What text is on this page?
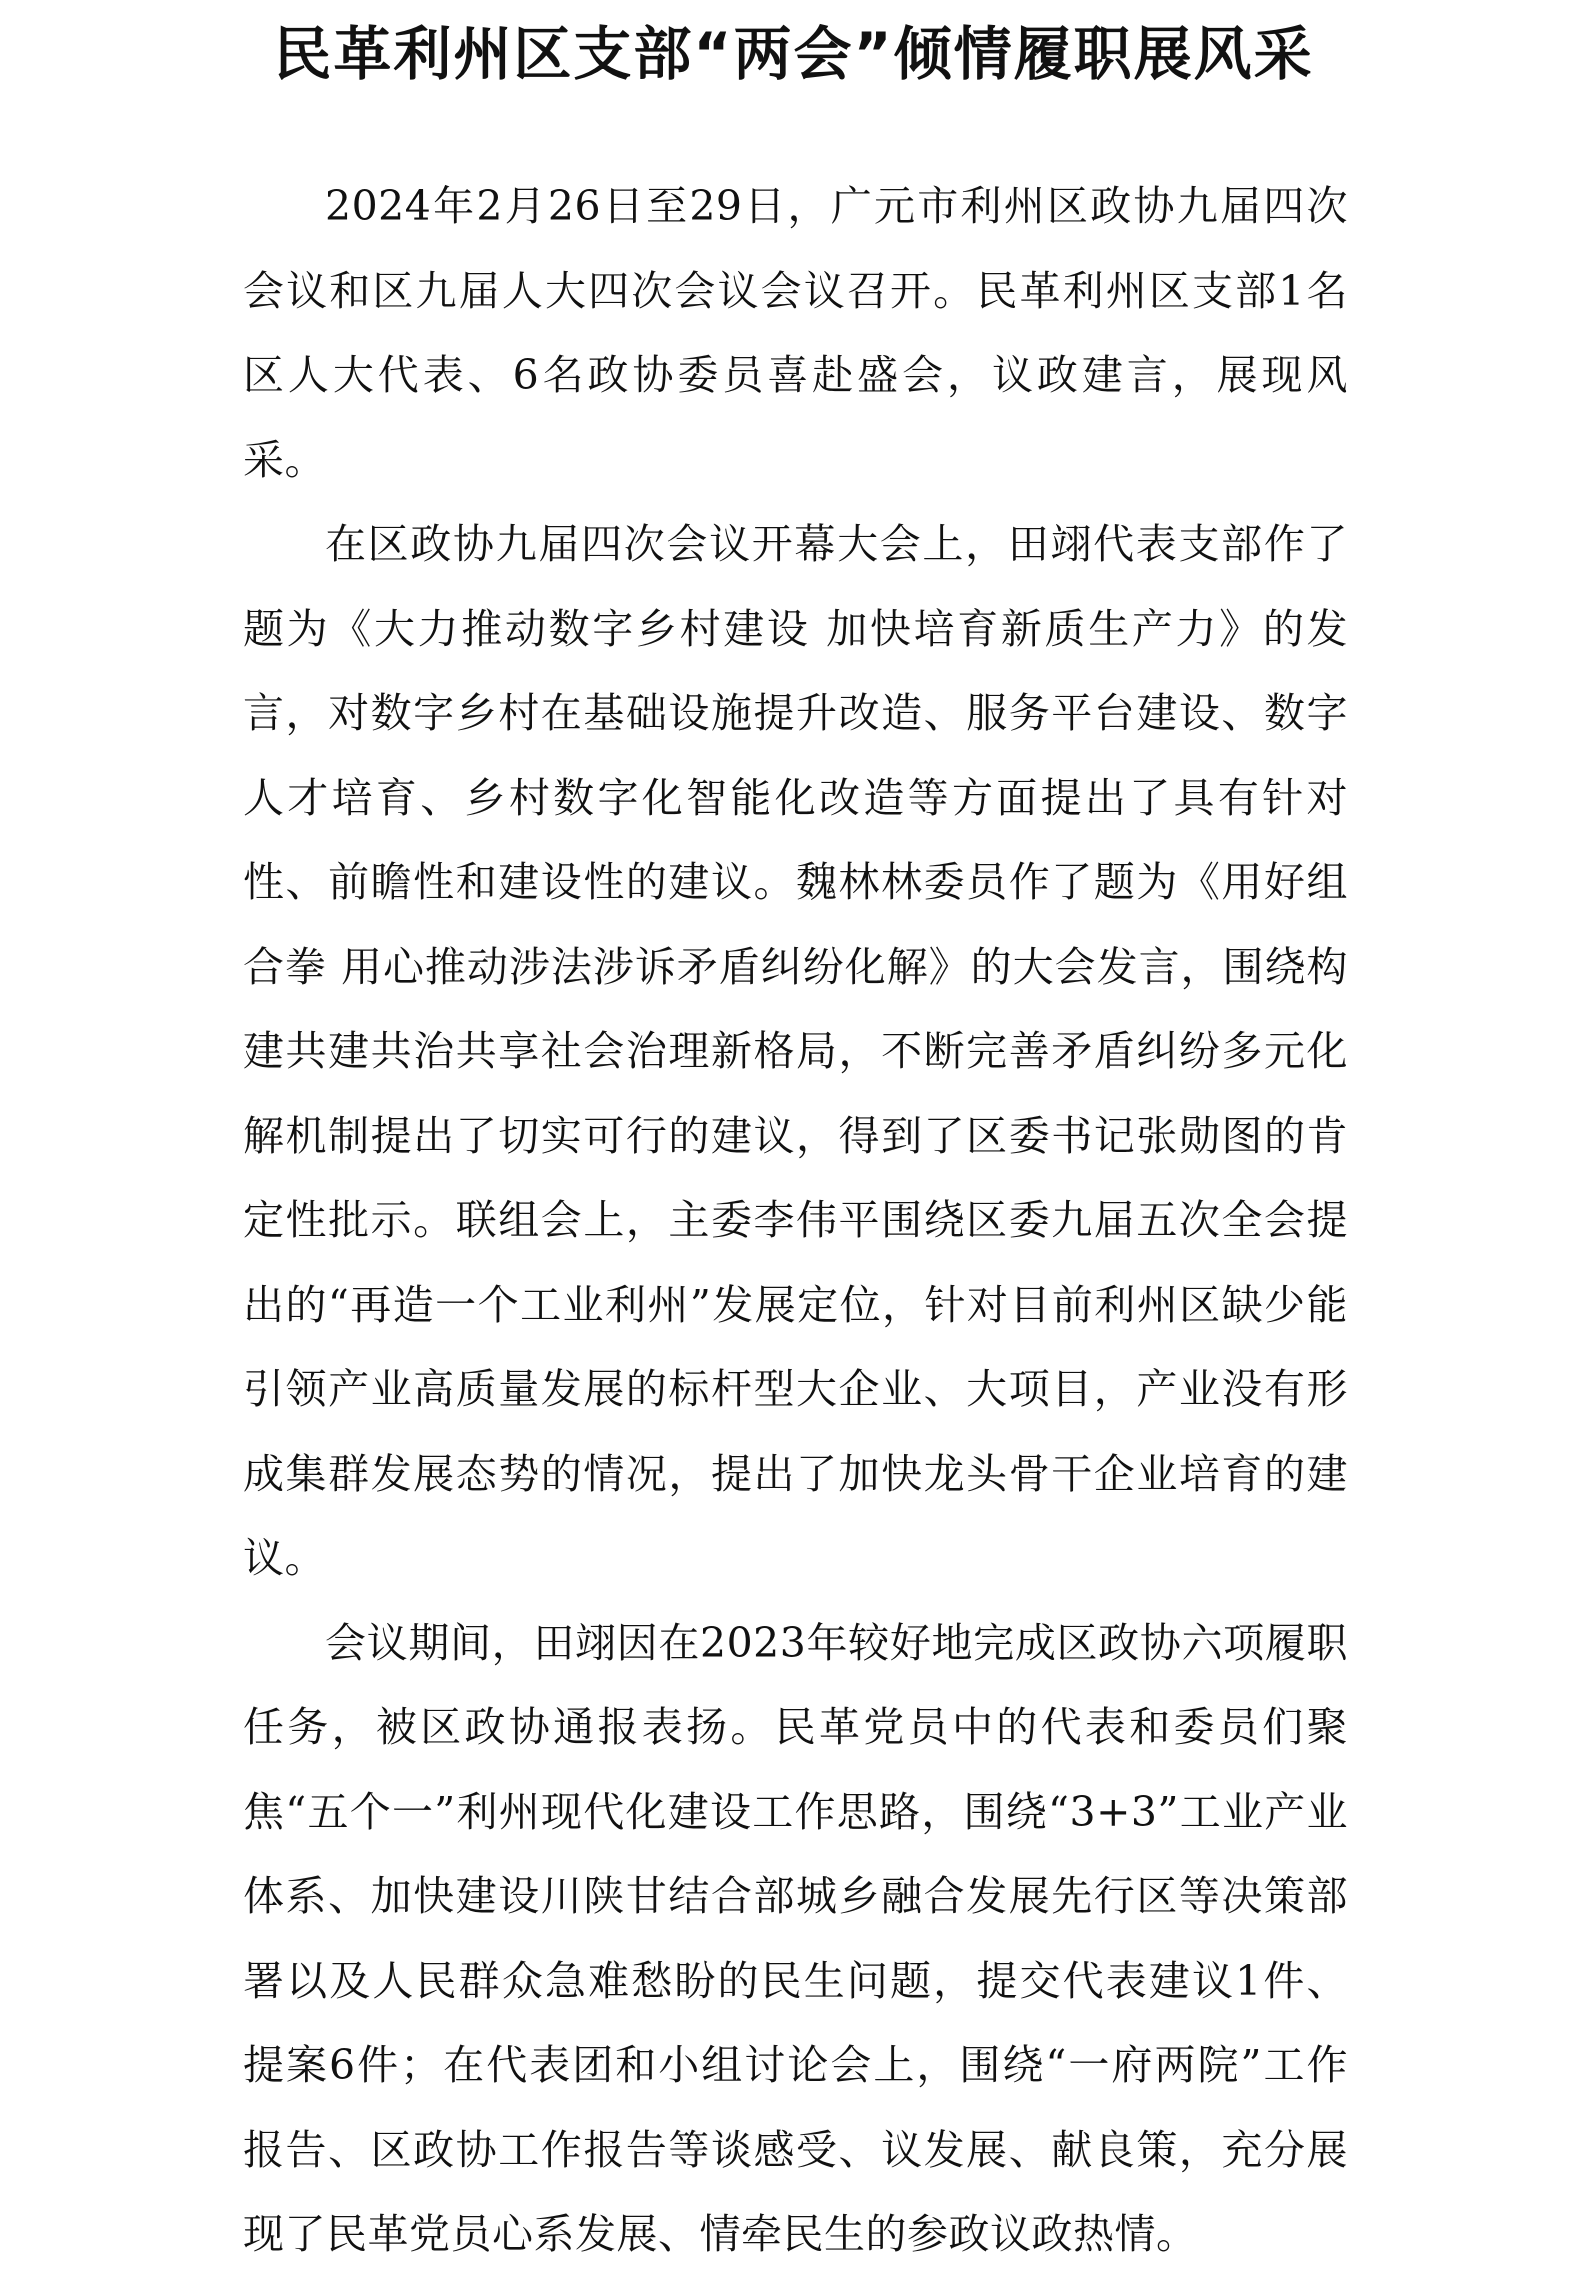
民革利州区支部“两会”倾情履职展风采

2024年2月26日至29日，广元市利州区政协九届四次会议和区九届人大四次会议会议召开。民革利州区支部1名区人大代表、6名政协委员喜赴盛会，议政建言，展现风采。

在区政协九届四次会议开幕大会上，田翊代表支部作了题为《大力推动数字乡村建设 加快培育新质生产力》的发言，对数字乡村在基础设施提升改造、服务平台建设、数字人才培育、乡村数字化智能化改造等方面提出了具有针对性、前瞻性和建设性的建议。魏林林委员作了题为《用好组合拳 用心推动涉法涉诉矛盾纠纷化解》的大会发言，围绕构建共建共治共享社会治理新格局，不断完善矛盾纠纷多元化解机制提出了切实可行的建议，得到了区委书记张勋图的肯定性批示。联组会上，主委李伟平围绕区委九届五次全会提出的“再造一个工业利州”发展定位，针对目前利州区缺少能引领产业高质量发展的标杆型大企业、大项目，产业没有形成集群发展态势的情况，提出了加快龙头骨干企业培育的建议。

会议期间，田翊因在2023年较好地完成区政协六项履职任务，被区政协通报表扬。民革党员中的代表和委员们聚焦“五个一”利州现代化建设工作思路，围绕“3+3”工业产业体系、加快建设川陕甘结合部城乡融合发展先行区等决策部署以及人民群众急难愁盼的民生问题，提交代表建议1件、提案6件；在代表团和小组讨论会上，围绕“一府两院”工作报告、区政协工作报告等谈感受、议发展、献良策，充分展现了民革党员心系发展、情牵民生的参政议政热情。
